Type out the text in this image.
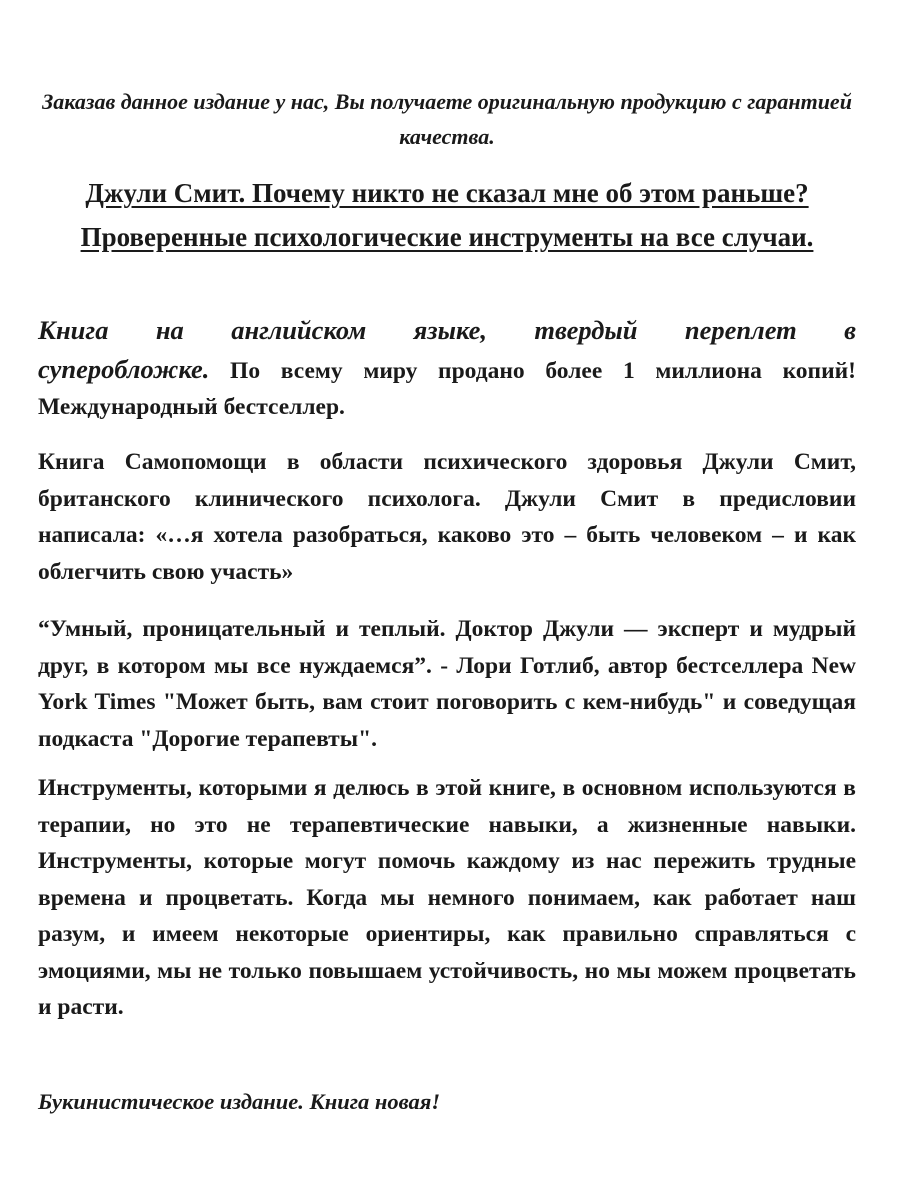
Заказав данное издание у нас, Вы получаете оригинальную продукцию с гарантией качества.

Джули Смит. Почему никто не сказал мне об этом раньше? Проверенные психологические инструменты на все случаи.

Книга на английском языке, твердый переплет в суперобложке. По всему миру продано более 1 миллиона копий! Международный бестселлер.

Книга Самопомощи в области психического здоровья Джули Смит, британского клинического психолога. Джули Смит в предисловии написала: «…я хотела разобраться, каково это – быть человеком – и как облегчить свою участь»

“Умный, проницательный и теплый. Доктор Джули — эксперт и мудрый друг, в котором мы все нуждаемся”. - Лори Готлиб, автор бестселлера New York Times "Может быть, вам стоит поговорить с кем-нибудь" и соведущая подкаста "Дорогие терапевты".

Инструменты, которыми я делюсь в этой книге, в основном используются в терапии, но это не терапевтические навыки, а жизненные навыки. Инструменты, которые могут помочь каждому из нас пережить трудные времена и процветать. Когда мы немного понимаем, как работает наш разум, и имеем некоторые ориентиры, как правильно справляться с эмоциями, мы не только повышаем устойчивость, но мы можем процветать и расти.

Букинистическое издание. Книга новая!
